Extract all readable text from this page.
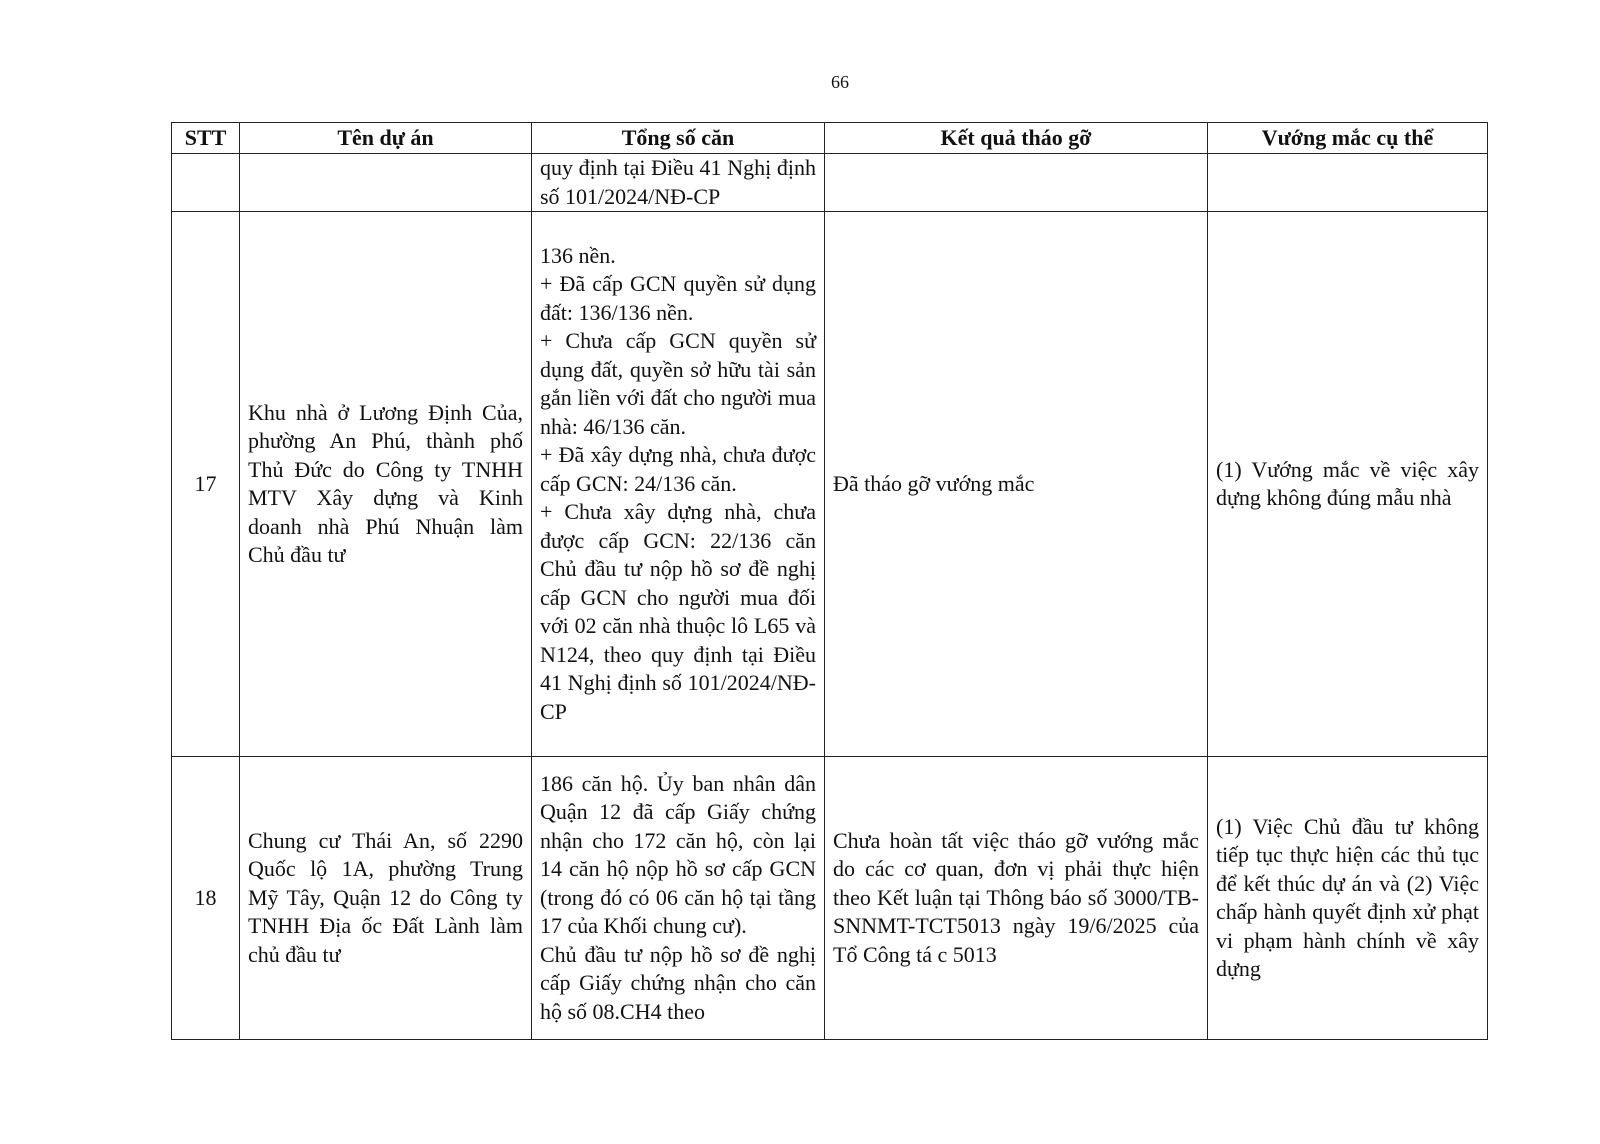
66
STT	Tên dự án	Tổng số căn	Kết quả tháo gỡ	Vướng mắc cụ thể

		quy định tại Điều 41 Nghị định số 101/2024/NĐ-CP		

17	Khu nhà ở Lương Định Của, phường An Phú, thành phố Thủ Đức do Công ty TNHH MTV Xây dựng và Kinh doanh nhà Phú Nhuận làm Chủ đầu tư	136 nền.
+ Đã cấp GCN quyền sử dụng đất: 136/136 nền.
+ Chưa cấp GCN quyền sử dụng đất, quyền sở hữu tài sản gắn liền với đất cho người mua nhà: 46/136 căn.
+ Đã xây dựng nhà, chưa được cấp GCN: 24/136 căn.
+ Chưa xây dựng nhà, chưa được cấp GCN: 22/136 căn Chủ đầu tư nộp hồ sơ đề nghị cấp GCN cho người mua đối với 02 căn nhà thuộc lô L65 và N124, theo quy định tại Điều 41 Nghị định số 101/2024/NĐ-CP	Đã tháo gỡ vướng mắc	(1) Vướng mắc về việc xây dựng không đúng mẫu nhà
18	Chung cư Thái An, số 2290 Quốc lộ 1A, phường Trung Mỹ Tây, Quận 12 do Công ty TNHH Địa ốc Đất Lành làm chủ đầu tư	186 căn hộ. Ủy ban nhân dân Quận 12 đã cấp Giấy chứng nhận cho 172 căn hộ, còn lại 14 căn hộ nộp hồ sơ cấp GCN (trong đó có 06 căn hộ tại tầng 17 của Khối chung cư).
Chủ đầu tư nộp hồ sơ đề nghị cấp Giấy chứng nhận cho căn hộ số 08.CH4 theo	Chưa hoàn tất việc tháo gỡ vướng mắc do các cơ quan, đơn vị phải thực hiện theo Kết luận tại Thông báo số 3000/TB-SNNMT-TCT5013 ngày 19/6/2025 của Tổ Công tá c 5013	(1) Việc Chủ đầu tư không tiếp tục thực hiện các thủ tục để kết thúc dự án và (2) Việc chấp hành quyết định xử phạt vi phạm hành chính về xây dựng
